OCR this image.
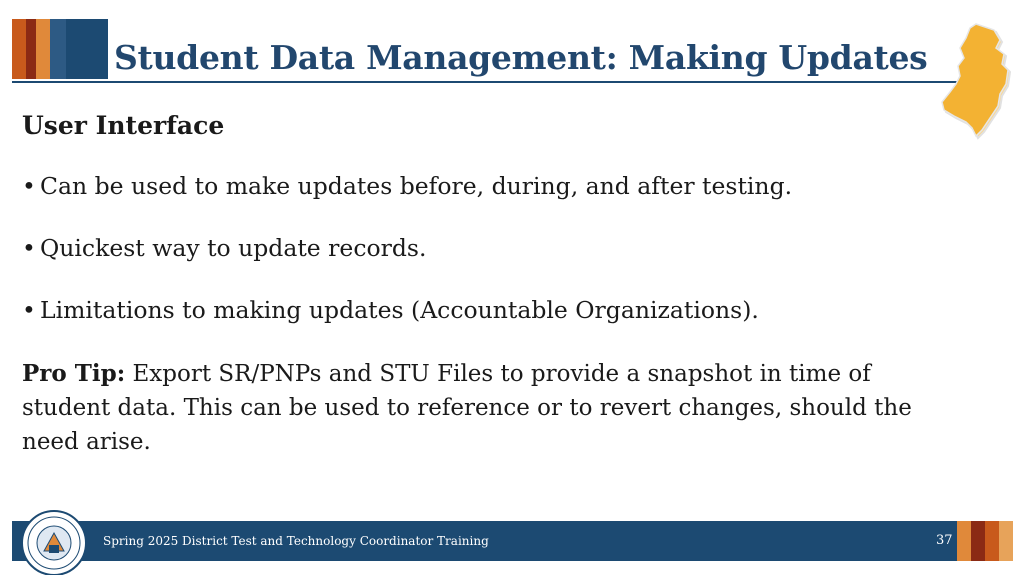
Student Data Management: Making Updates
User Interface
• Can be used to make updates before, during, and after testing.
• Quickest way to update records.
• Limitations to making updates (Accountable Organizations).
Pro Tip: Export SR/PNPs and STU Files to provide a snapshot in time of student data. This can be used to reference or to revert changes, should the need arise.
Spring 2025 District Test and Technology Coordinator Training	37
